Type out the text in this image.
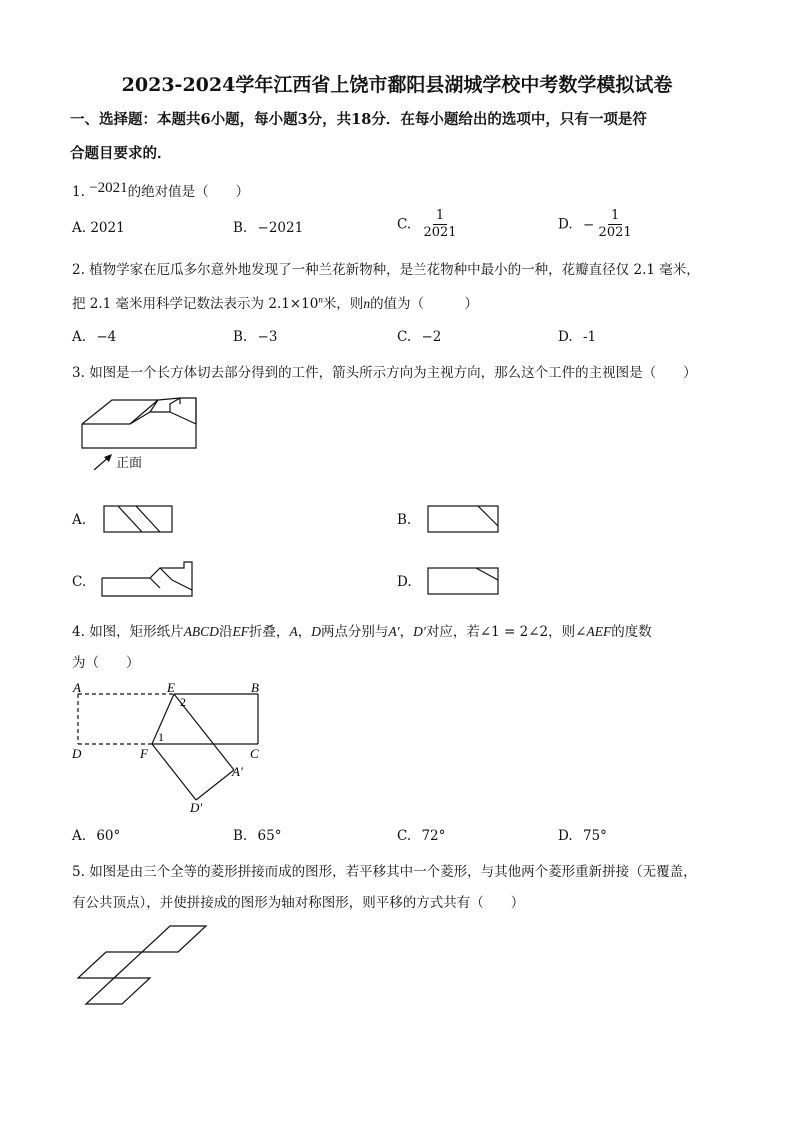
2023-2024学年江西省上饶市鄱阳县湖城学校中考数学模拟试卷
一、选择题：本题共6小题，每小题3分，共18分．在每小题给出的选项中，只有一项是符
合题目要求的．
1. −2021的绝对值是（　　）
A. 2021	B. −2021	C. $\frac{1}{2021}$	D. − $\frac{1}{2021}$
2. 植物学家在厄瓜多尔意外地发现了一种兰花新物种，是兰花物种中最小的一种，花瓣直径仅 2.1 毫米，
把 2.1 毫米用科学记数法表示为 $2.1\times 10^n$米，则n的值为（　　　）
A. −4	B. −3	C. −2	D. -1
3. 如图是一个长方体切去部分得到的工件，箭头所示方向为主视方向，那么这个工件的主视图是（　　）
正面
A.	B.
C.	D.
4. 如图，矩形纸片ABCD沿EF折叠，A，D两点分别与A′，D′对应，若∠1 = 2∠2，则∠AEF的度数
为（　　）
A	E	B
D	F	C
A′
D′
1
2
A. 60°	B. 65°	C. 72°	D. 75°
5. 如图是由三个全等的菱形拼接而成的图形，若平移其中一个菱形，与其他两个菱形重新拼接（无覆盖，
有公共顶点），并使拼接成的图形为轴对称图形，则平移的方式共有（　　）
